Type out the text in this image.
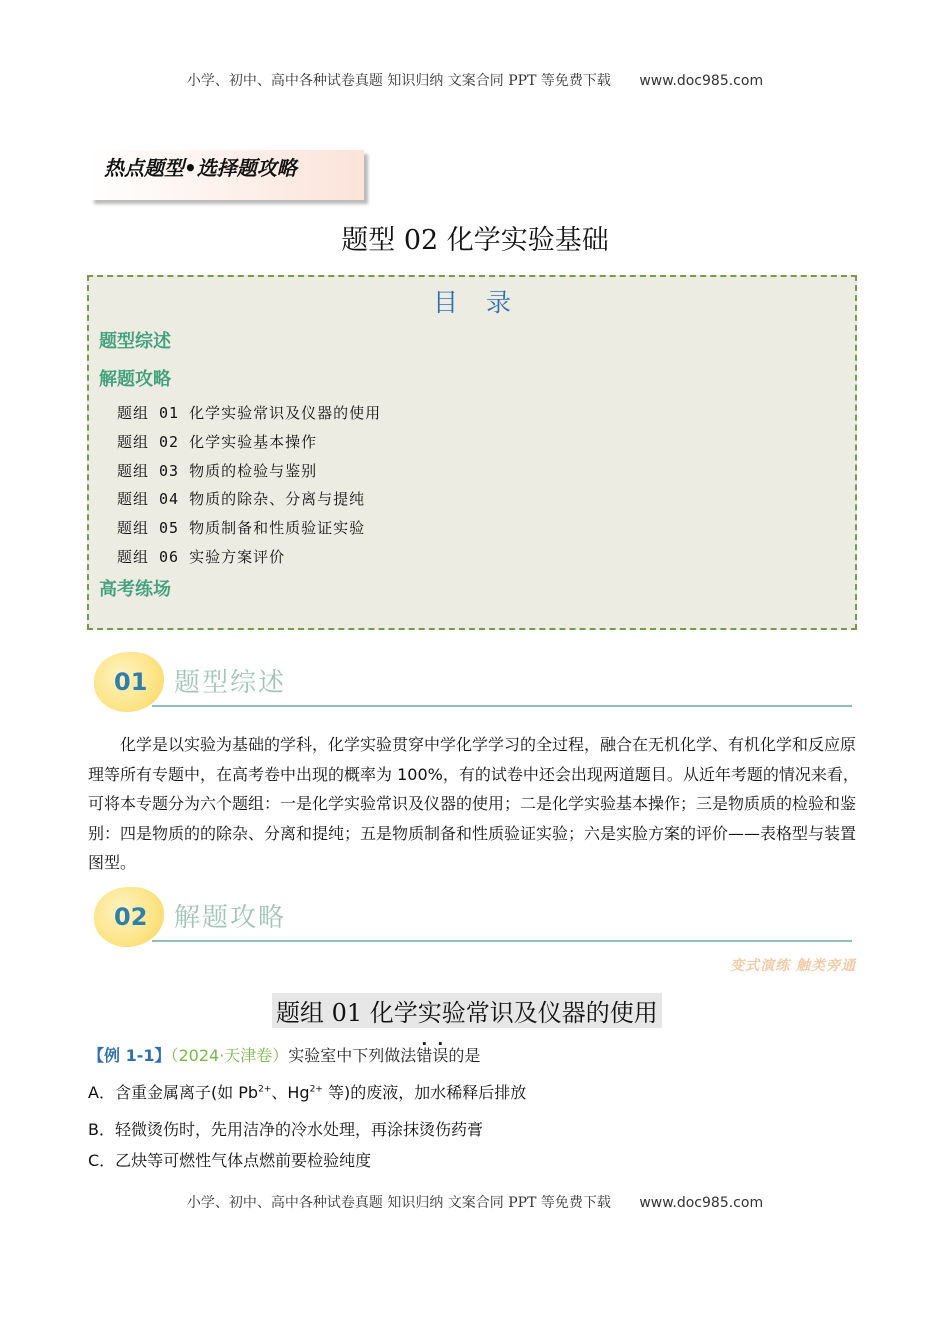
小学、初中、高中各种试卷真题 知识归纳 文案合同 PPT 等免费下载 www.doc985.com
热点题型•选择题攻略
题型 02 化学实验基础
目录
题型综述
解题攻略
题组 01 化学实验常识及仪器的使用
题组 02 化学实验基本操作
题组 03 物质的检验与鉴别
题组 04 物质的除杂、分离与提纯
题组 05 物质制备和性质验证实验
题组 06 实验方案评价
高考练场
01 题型综述
化学是以实验为基础的学科，化学实验贯穿中学化学学习的全过程，融合在无机化学、有机化学和反应原理等所有专题中，在高考卷中出现的概率为 100%，有的试卷中还会出现两道题目。从近年考题的情况来看，可将本专题分为六个题组：一是化学实验常识及仪器的使用；二是化学实验基本操作；三是物质质的检验和鉴别：四是物质的的除杂、分离和提纯；五是物质制备和性质验证实验；六是实脸方案的评价——表格型与装置图型。
02 解题攻略
变式演练 触类旁通
题组 01 化学实验常识及仪器的使用
【例 1-1】（2024·天津卷）实验室中下列做法错误的是
A．含重金属离子(如 $Pb^{2+}$、$Hg^{2+}$ 等)的废液，加水稀释后排放
B．轻微烫伤时，先用洁净的冷水处理，再涂抹烫伤药膏
C．乙炔等可燃性气体点燃前要检验纯度
小学、初中、高中各种试卷真题 知识归纳 文案合同 PPT 等免费下载 www.doc985.com
